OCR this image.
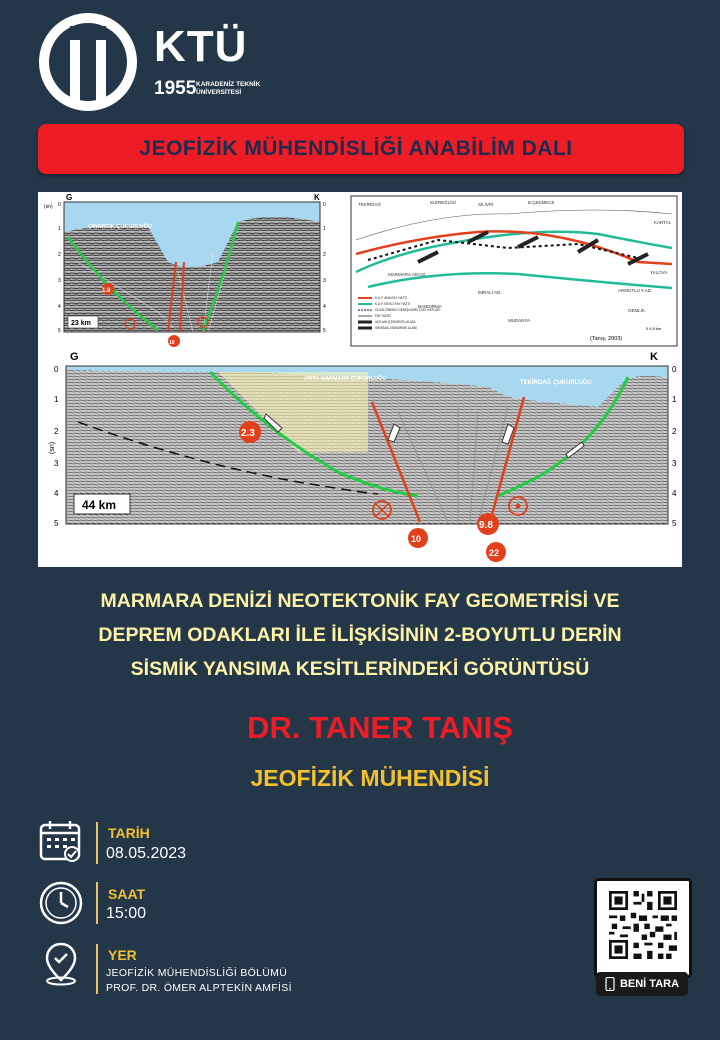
KTÜ
1955 KARADENİZ TEKNİK ÜNİVERSİTESİ
JEOFİZİK MÜHENDİSLİĞİ ANABİLİM DALI
G	K
(sn) 0
1
2
3
4
5
0
1
2
3
4
5
ÇINARCIK ÇUKURLUĞU
23 km
1.9
10
TEKİRDAĞ	M.EREĞLİSİ	SİLİVRİ	B.ÇEKMECE
KARTAL
MARMARA ADASI	YALOVA
İMRALI AD.	ARMUTLU Y.AD.
GEMLİK
BANDIRMA
MUDANYA
K.A.F. ANA FAY HATTI
K.A.F. İKİNCİ FAY HATTI
OLASI ÖNEMLİ GENİŞLEMELİ FAY HATLARI
FAY DİZİSİ
AÇILMA (ÇEKMECE) ALANI
SIKIŞMALI BİNDİRME ALANI	0 4 8 km
(Tanış, 2003)
G	K
(sn)
0
1
2
3
4
5
0
1
2
3
4
5
ORTA MARMARA ÇUKURLUĞU
TEKİRDAĞ ÇUKURLUĞU
44 km
2.3
10
9.8
22
MARMARA DENİZİ NEOTEKTONİK FAY GEOMETRİSİ VE
DEPREM ODAKLARI İLE İLİŞKİSİNİN 2-BOYUTLU DERİN
SİSMİK YANSIMA KESİTLERİNDEKİ GÖRÜNTÜSÜ
DR. TANER TANIŞ
JEOFİZİK MÜHENDİSİ
TARİH
08.05.2023
SAAT
15:00
YER
JEOFİZİK MÜHENDİSLİĞİ BÖLÜMÜ
PROF. DR. ÖMER ALPTEKİN AMFİSİ	BENİ TARA
